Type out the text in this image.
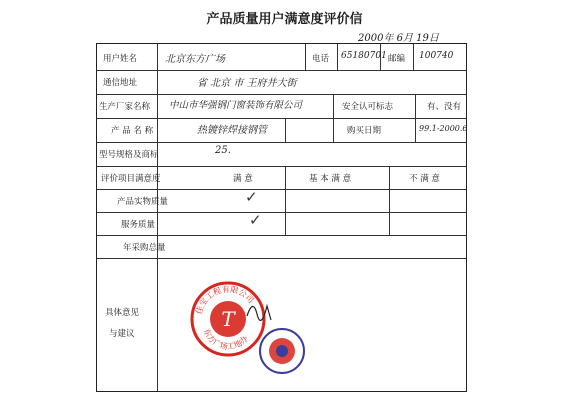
产品质量用户满意度评价信
2000年 6月 19日
用户姓名	北京东方广场	电话 65180701 邮编 100740
通信地址	省 北京 市 王府井大街
生产厂家名称 中山市华强钢门窗装饰有限公司	安全认可标志	有、没有
产 品 名 称	热镀锌焊接钢管	购买日期	99.1-2000.6
型号规格及商标	25.
评价项目满意度	满 意	基 本 满 意	不 满 意
产品实物质量	✓
服务质量	✓
年采购总量
具体意见
与建议
T
佳宝工程有限公司
东方广场工地办
